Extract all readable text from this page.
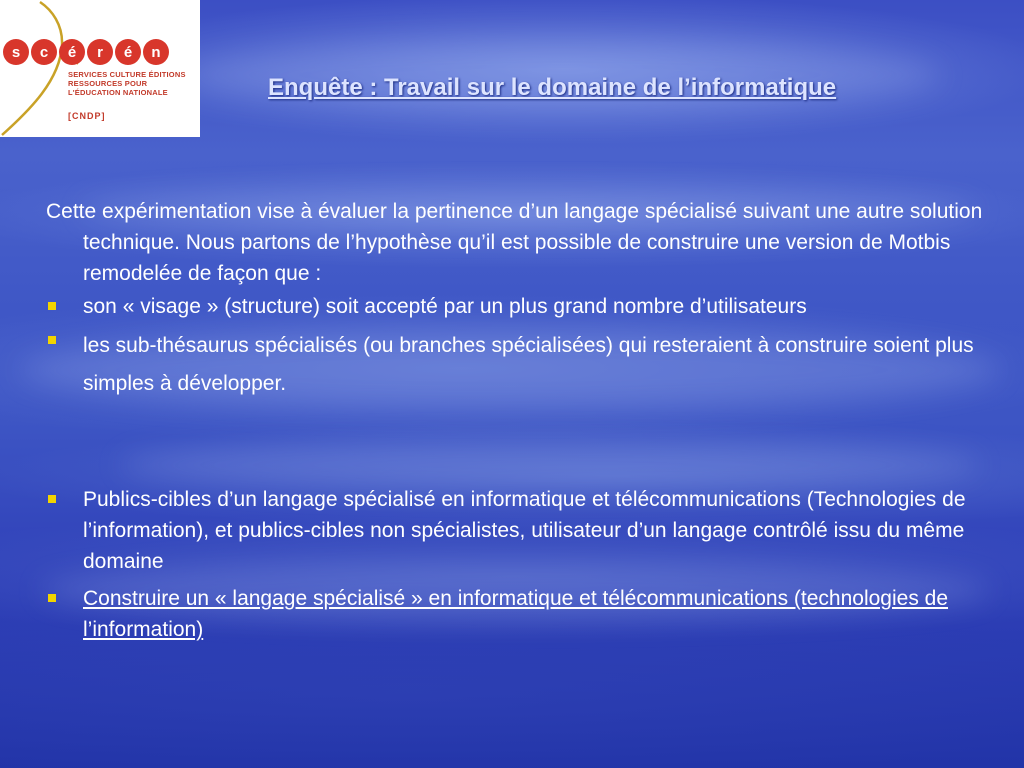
s c é r é n
SERVICES CULTURE ÉDITIONS
RESSOURCES POUR
L'ÉDUCATION NATIONALE
[CNDP]
Enquête : Travail sur le domaine de l’informatique

Cette expérimentation vise à évaluer la pertinence d’un langage spécialisé suivant une autre solution technique. Nous partons de l’hypothèse qu’il est possible de construire une version de Motbis remodelée de façon que :

son « visage » (structure) soit accepté par un plus grand nombre d’utilisateurs
les sub-thésaurus spécialisés (ou branches spécialisées) qui resteraient à construire soient plus simples à développer.
Publics-cibles d’un langage spécialisé en informatique et télécommunications (Technologies de l’information), et publics-cibles non spécialistes, utilisateur d’un langage contrôlé issu du même domaine
Construire un « langage spécialisé » en informatique et télécommunications (technologies de l’information)
